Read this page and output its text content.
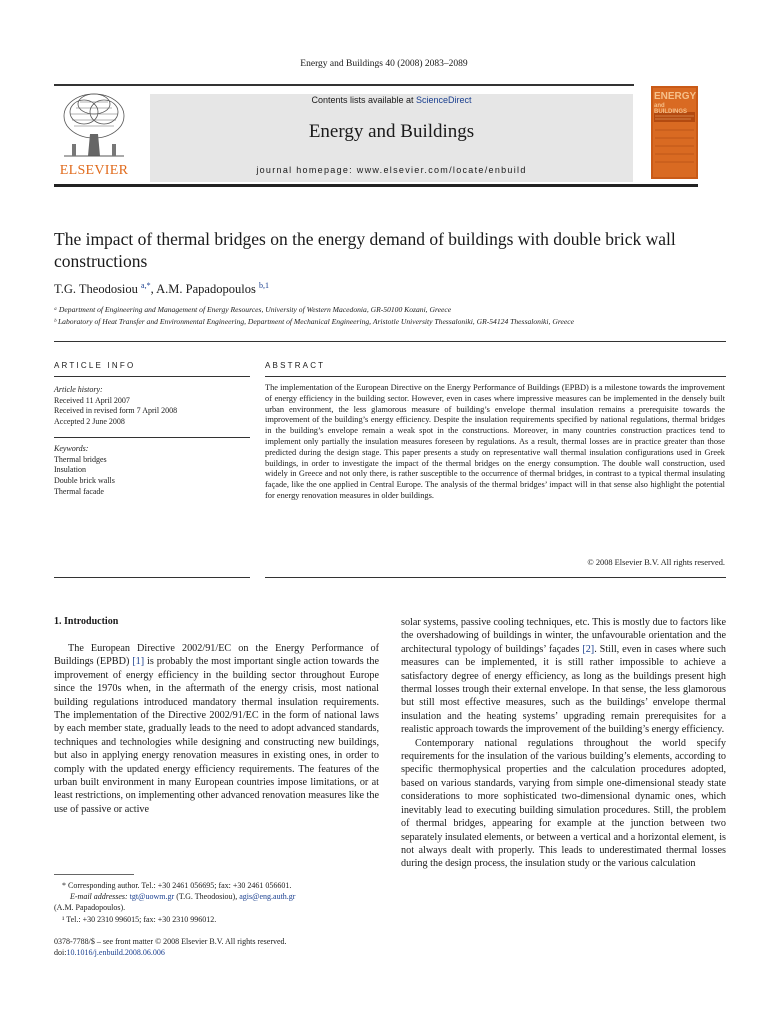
Energy and Buildings 40 (2008) 2083–2089
ELSEVIER
Contents lists available at ScienceDirect
Energy and Buildings
journal homepage: www.elsevier.com/locate/enbuild
ENERGY
and BUILDINGS
The impact of thermal bridges on the energy demand of buildings with double brick wall constructions
T.G. Theodosiou $^{a,*}$, A.M. Papadopoulos $^{b,1}$
ᵃ Department of Engineering and Management of Energy Resources, University of Western Macedonia, GR-50100 Kozani, Greece
ᵇ Laboratory of Heat Transfer and Environmental Engineering, Department of Mechanical Engineering, Aristotle University Thessaloniki, GR-54124 Thessaloniki, Greece
ARTICLE INFO
Article history:
Received 11 April 2007
Received in revised form 7 April 2008
Accepted 2 June 2008
Keywords:
Thermal bridges
Insulation
Double brick walls
Thermal facade
ABSTRACT
The implementation of the European Directive on the Energy Performance of Buildings (EPBD) is a milestone towards the improvement of energy efficiency in the building sector. However, even in cases where impressive measures can be implemented in the densely built urban environment, the less glamorous measure of building’s envelope thermal insulation remains a prerequisite towards the improvement of the building’s energy efficiency. Despite the insulation requirements specified by national regulations, thermal bridges in the building’s envelope remain a weak spot in the constructions. Moreover, in many countries construction practices tend to implement only partially the insulation measures foreseen by regulations. As a result, thermal losses are in practice greater than those predicted during the design stage. This paper presents a study on representative wall thermal insulation configurations used in Greek buildings, in order to investigate the impact of the thermal bridges on the energy consumption. The double wall construction, used widely in Greece and not only there, is rather susceptible to the occurrence of thermal bridges, in contrast to a typical thermal insulating façade, like the one applied in Central Europe. The analysis of the thermal bridges’ impact will in that sense also highlight the potential for energy renovation measures in older buildings.
© 2008 Elsevier B.V. All rights reserved.
1. Introduction

The European Directive 2002/91/EC on the Energy Performance of Buildings (EPBD) [1] is probably the most important single action towards the improvement of energy efficiency in the building sector throughout Europe since the 1970s when, in the aftermath of the energy crisis, most national building regulations introduced mandatory thermal insulation requirements. The implementation of the Directive 2002/91/EC in the form of national laws by each member state, gradually leads to the need to adopt advanced standards, techniques and technologies while designing and constructing new buildings, but also in applying energy renovation measures in existing ones, in order to comply with the updated energy efficiency requirements. The features of the urban built environment in many European countries impose limitations, or at least restrictions, on implementing other advanced renovation measures like the use of passive or active

solar systems, passive cooling techniques, etc. This is mostly due to factors like the overshadowing of buildings in winter, the unfavourable orientation and the architectural typology of buildings’ façades [2]. Still, even in cases where such measures can be implemented, it is still rather impossible to achieve a satisfactory degree of energy efficiency, as long as the buildings present high thermal losses trough their external envelope. In that sense, the less glamorous but still most effective measures, such as the buildings’ envelope thermal insulation and the heating systems’ upgrading remain prerequisites for a realistic approach towards the improvement of the building’s energy efficiency.

Contemporary national regulations throughout the world specify requirements for the insulation of the various building’s elements, according to specific thermophysical properties and the calculation procedures adopted, based on various standards, varying from simple one-dimensional steady state considerations to more sophisticated two-dimensional dynamic ones, which inevitably lead to executing building simulation procedures. Still, the problem of thermal bridges, appearing for example at the junction between two separately insulated elements, or between a vertical and a horizontal element, is not always dealt with properly. This leads to underestimated thermal losses during the design process, the insulation study or the various calculation

* Corresponding author. Tel.: +30 2461 056695; fax: +30 2461 056601.
E-mail addresses: tgt@uowm.gr (T.G. Theodosiou), agis@eng.auth.gr
(A.M. Papadopoulos).
¹ Tel.: +30 2310 996015; fax: +30 2310 996012.
0378-7788/$ – see front matter © 2008 Elsevier B.V. All rights reserved.
doi:10.1016/j.enbuild.2008.06.006
